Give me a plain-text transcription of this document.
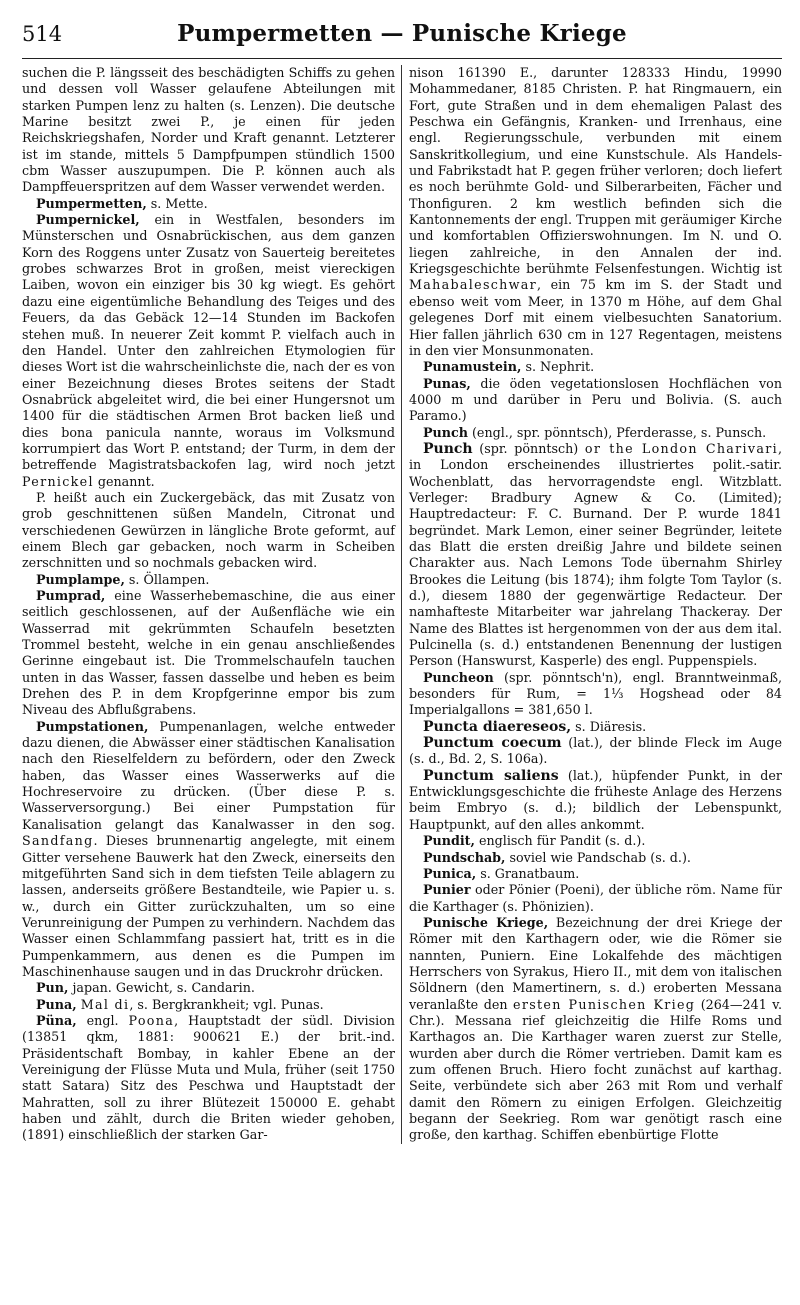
514	Pumpermetten — Punische Kriege

suchen die P. längsseit des beschädigten Schiffs zu gehen und dessen voll Wasser gelaufene Abteilungen mit starken Pumpen lenz zu halten (s. Lenzen). Die deutsche Marine besitzt zwei P., je einen für jeden Reichskriegshafen, Norder und Kraft genannt. Letzterer ist im stande, mittels 5 Dampfpumpen stündlich 1500 cbm Wasser auszupumpen. Die P. können auch als Dampffeuerspritzen auf dem Wasser verwendet werden.

Pumpermetten, s. Mette.

Pumpernickel, ein in Westfalen, besonders im Münsterschen und Osnabrückischen, aus dem ganzen Korn des Roggens unter Zusatz von Sauerteig bereitetes grobes schwarzes Brot in großen, meist viereckigen Laiben, wovon ein einziger bis 30 kg wiegt. Es gehört dazu eine eigentümliche Behandlung des Teiges und des Feuers, da das Gebäck 12—14 Stunden im Backofen stehen muß. In neuerer Zeit kommt P. vielfach auch in den Handel. Unter den zahlreichen Etymologien für dieses Wort ist die wahrscheinlichste die, nach der es von einer Bezeichnung dieses Brotes seitens der Stadt Osnabrück abgeleitet wird, die bei einer Hungersnot um 1400 für die städtischen Armen Brot backen ließ und dies bona panicula nannte, woraus im Volksmund korrumpiert das Wort P. entstand; der Turm, in dem der betreffende Magistratsbackofen lag, wird noch jetzt Pernickel genannt.

P. heißt auch ein Zuckergebäck, das mit Zusatz von grob geschnittenen süßen Mandeln, Citronat und verschiedenen Gewürzen in längliche Brote geformt, auf einem Blech gar gebacken, noch warm in Scheiben zerschnitten und so nochmals gebacken wird.

Pumplampe, s. Öllampen.

Pumprad, eine Wasserhebemaschine, die aus einer seitlich geschlossenen, auf der Außenfläche wie ein Wasserrad mit gekrümmten Schaufeln besetzten Trommel besteht, welche in ein genau anschließendes Gerinne eingebaut ist. Die Trommelschaufeln tauchen unten in das Wasser, fassen dasselbe und heben es beim Drehen des P. in dem Kropfgerinne empor bis zum Niveau des Abflußgrabens.

Pumpstationen, Pumpenanlagen, welche entweder dazu dienen, die Abwässer einer städtischen Kanalisation nach den Rieselfeldern zu befördern, oder den Zweck haben, das Wasser eines Wasserwerks auf die Hochreservoire zu drücken. (Über diese P. s. Wasserversorgung.) Bei einer Pumpstation für Kanalisation gelangt das Kanalwasser in den sog. Sandfang. Dieses brunnenartig angelegte, mit einem Gitter versehene Bauwerk hat den Zweck, einerseits den mitgeführten Sand sich in dem tiefsten Teile ablagern zu lassen, anderseits größere Bestandteile, wie Papier u. s. w., durch ein Gitter zurückzuhalten, um so eine Verunreinigung der Pumpen zu verhindern. Nachdem das Wasser einen Schlammfang passiert hat, tritt es in die Pumpenkammern, aus denen es die Pumpen im Maschinenhause saugen und in das Druckrohr drücken.

Pun, japan. Gewicht, s. Candarin.

Puna, Mal di, s. Bergkrankheit; vgl. Punas.

Püna, engl. Poona, Hauptstadt der südl. Division (13851 qkm, 1881: 900621 E.) der brit.-ind. Präsidentschaft Bombay, in kahler Ebene an der Vereinigung der Flüsse Muta und Mula, früher (seit 1750 statt Satara) Sitz des Peschwa und Hauptstadt der Mahratten, soll zu ihrer Blütezeit 150000 E. gehabt haben und zählt, durch die Briten wieder gehoben, (1891) einschließlich der starken Gar-

nison 161390 E., darunter 128333 Hindu, 19990 Mohammedaner, 8185 Christen. P. hat Ringmauern, ein Fort, gute Straßen und in dem ehemaligen Palast des Peschwa ein Gefängnis, Kranken- und Irrenhaus, eine engl. Regierungsschule, verbunden mit einem Sanskritkollegium, und eine Kunstschule. Als Handels- und Fabrikstadt hat P. gegen früher verloren; doch liefert es noch berühmte Gold- und Silberarbeiten, Fächer und Thonfiguren. 2 km westlich befinden sich die Kantonnements der engl. Truppen mit geräumiger Kirche und komfortablen Offizierswohnungen. Im N. und O. liegen zahlreiche, in den Annalen der ind. Kriegsgeschichte berühmte Felsenfestungen. Wichtig ist Mahabaleschwar, ein 75 km im S. der Stadt und ebenso weit vom Meer, in 1370 m Höhe, auf dem Ghal gelegenes Dorf mit einem vielbesuchten Sanatorium. Hier fallen jährlich 630 cm in 127 Regentagen, meistens in den vier Monsunmonaten.

Punamustein, s. Nephrit.

Punas, die öden vegetationslosen Hochflächen von 4000 m und darüber in Peru und Bolivia. (S. auch Paramo.)

Punch (engl., spr. pönntsch), Pferderasse, s. Punsch.

Punch (spr. pönntsch) or the London Charivari, in London erscheinendes illustriertes polit.-satir. Wochenblatt, das hervorragendste engl. Witzblatt. Verleger: Bradbury Agnew & Co. (Limited); Hauptredacteur: F. C. Burnand. Der P. wurde 1841 begründet. Mark Lemon, einer seiner Begründer, leitete das Blatt die ersten dreißig Jahre und bildete seinen Charakter aus. Nach Lemons Tode übernahm Shirley Brookes die Leitung (bis 1874); ihm folgte Tom Taylor (s. d.), diesem 1880 der gegenwärtige Redacteur. Der namhafteste Mitarbeiter war jahrelang Thackeray. Der Name des Blattes ist hergenommen von der aus dem ital. Pulcinella (s. d.) entstandenen Benennung der lustigen Person (Hanswurst, Kasperle) des engl. Puppenspiels.

Puncheon (spr. pönntsch'n), engl. Branntweinmaß, besonders für Rum, = 1⅓ Hogshead oder 84 Imperialgallons = 381,650 l.

Puncta diaereseos, s. Diäresis.

Punctum coecum (lat.), der blinde Fleck im Auge (s. d., Bd. 2, S. 106a).

Punctum saliens (lat.), hüpfender Punkt, in der Entwicklungsgeschichte die früheste Anlage des Herzens beim Embryo (s. d.); bildlich der Lebenspunkt, Hauptpunkt, auf den alles ankommt.

Pundit, englisch für Pandit (s. d.).

Pundschab, soviel wie Pandschab (s. d.).

Punica, s. Granatbaum.

Punier oder Pönier (Poeni), der übliche röm. Name für die Karthager (s. Phönizien).

Punische Kriege, Bezeichnung der drei Kriege der Römer mit den Karthagern oder, wie die Römer sie nannten, Puniern. Eine Lokalfehde des mächtigen Herrschers von Syrakus, Hiero II., mit dem von italischen Söldnern (den Mamertinern, s. d.) eroberten Messana veranlaßte den ersten Punischen Krieg (264—241 v. Chr.). Messana rief gleichzeitig die Hilfe Roms und Karthagos an. Die Karthager waren zuerst zur Stelle, wurden aber durch die Römer vertrieben. Damit kam es zum offenen Bruch. Hiero focht zunächst auf karthag. Seite, verbündete sich aber 263 mit Rom und verhalf damit den Römern zu einigen Erfolgen. Gleichzeitig begann der Seekrieg. Rom war genötigt rasch eine große, den karthag. Schiffen ebenbürtige Flotte
